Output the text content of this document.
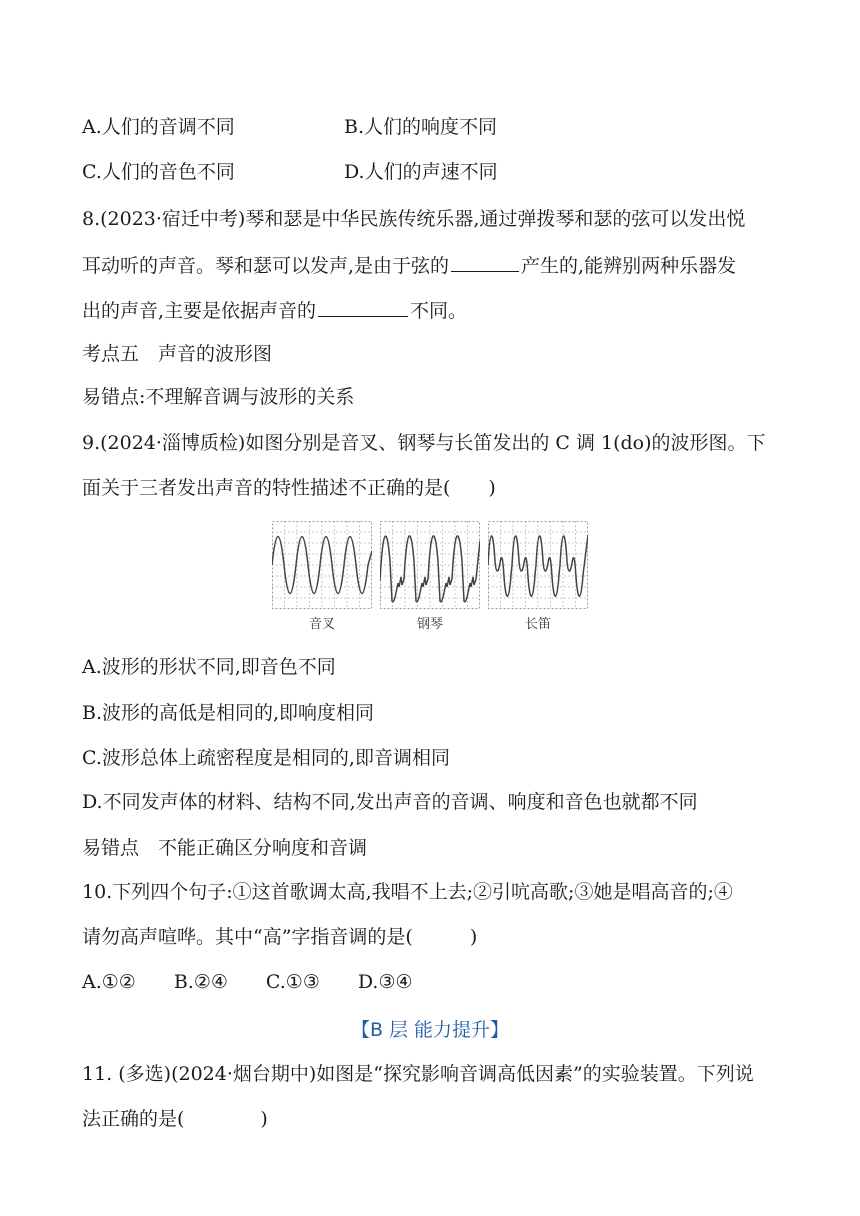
A.人们的音调不同	B.人们的响度不同
C.人们的音色不同	D.人们的声速不同
8.(2023·宿迁中考)琴和瑟是中华民族传统乐器,通过弹拨琴和瑟的弦可以发出悦
耳动听的声音。琴和瑟可以发声,是由于弦的	产生的,能辨别两种乐器发
出的声音,主要是依据声音的	不同。
考点五　声音的波形图
易错点:不理解音调与波形的关系
9.(2024·淄博质检)如图分别是音叉、钢琴与长笛发出的 C 调 1(do)的波形图。下
面关于三者发出声音的特性描述不正确的是(　　)
音叉	钢琴	长笛
A.波形的形状不同,即音色不同
B.波形的高低是相同的,即响度相同
C.波形总体上疏密程度是相同的,即音调相同
D.不同发声体的材料、结构不同,发出声音的音调、响度和音色也就都不同
易错点　不能正确区分响度和音调
10.下列四个句子:①这首歌调太高,我唱不上去;②引吭高歌;③她是唱高音的;④
请勿高声喧哗。其中“高”字指音调的是(　　　)
A.①②　　B.②④　　C.①③　　D.③④
【B 层 能力提升】
11. (多选)(2024·烟台期中)如图是“探究影响音调高低因素”的实验装置。下列说
法正确的是(　　　　)
